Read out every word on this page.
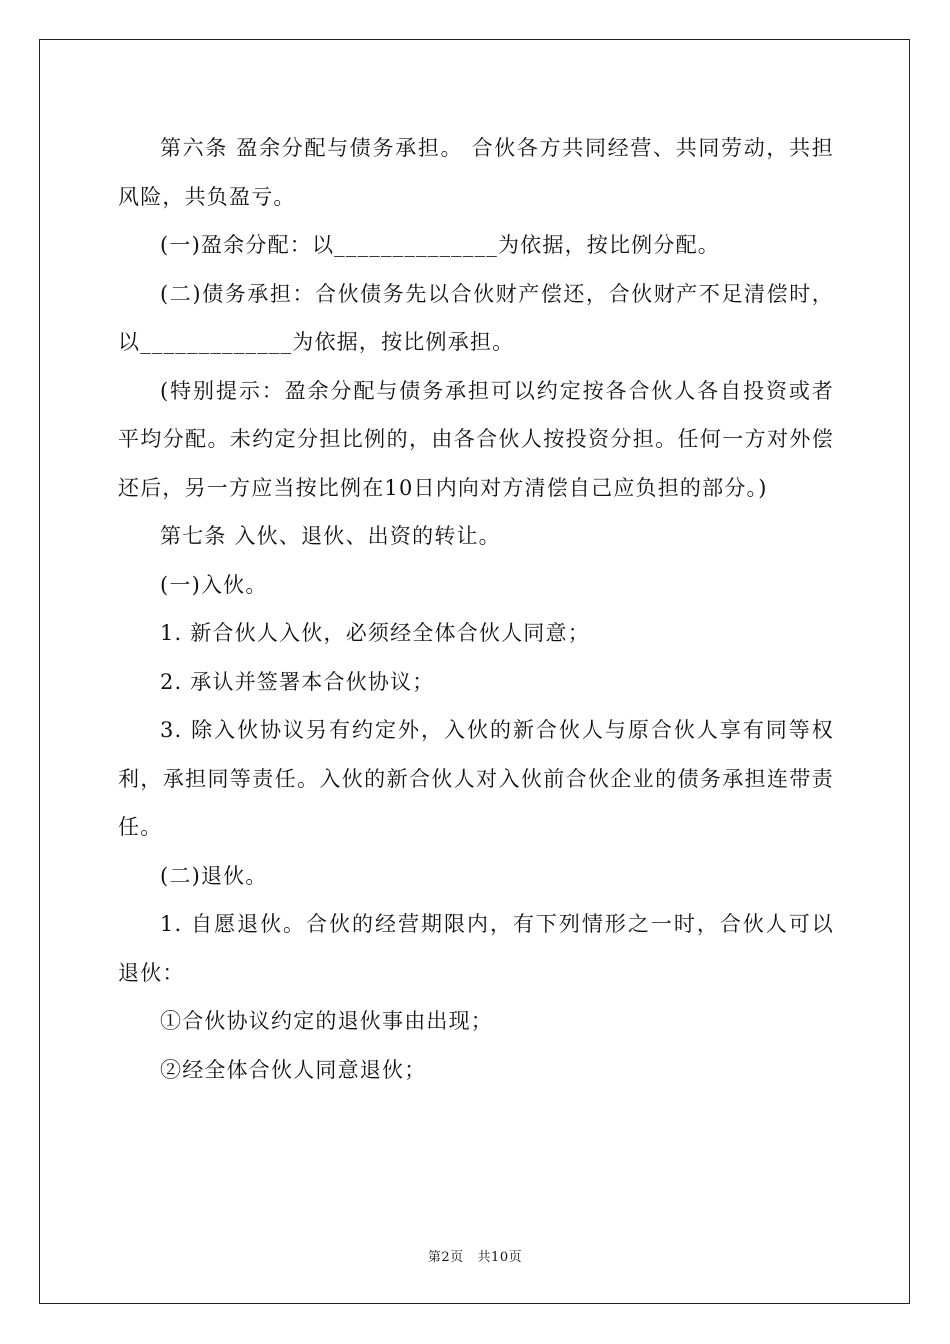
第六条 盈余分配与债务承担。 合伙各方共同经营、共同劳动，共担风险，共负盈亏。

(一)盈余分配：以______________为依据，按比例分配。

(二)债务承担：合伙债务先以合伙财产偿还，合伙财产不足清偿时，以_____________为依据，按比例承担。

(特别提示：盈余分配与债务承担可以约定按各合伙人各自投资或者平均分配。未约定分担比例的，由各合伙人按投资分担。任何一方对外偿还后，另一方应当按比例在10日内向对方清偿自己应负担的部分。)

第七条 入伙、退伙、出资的转让。

(一)入伙。

1. 新合伙人入伙，必须经全体合伙人同意；

2. 承认并签署本合伙协议；

3. 除入伙协议另有约定外，入伙的新合伙人与原合伙人享有同等权利，承担同等责任。入伙的新合伙人对入伙前合伙企业的债务承担连带责任。

(二)退伙。

1. 自愿退伙。合伙的经营期限内，有下列情形之一时，合伙人可以退伙：

①合伙协议约定的退伙事由出现；

②经全体合伙人同意退伙；

第2页   共10页
